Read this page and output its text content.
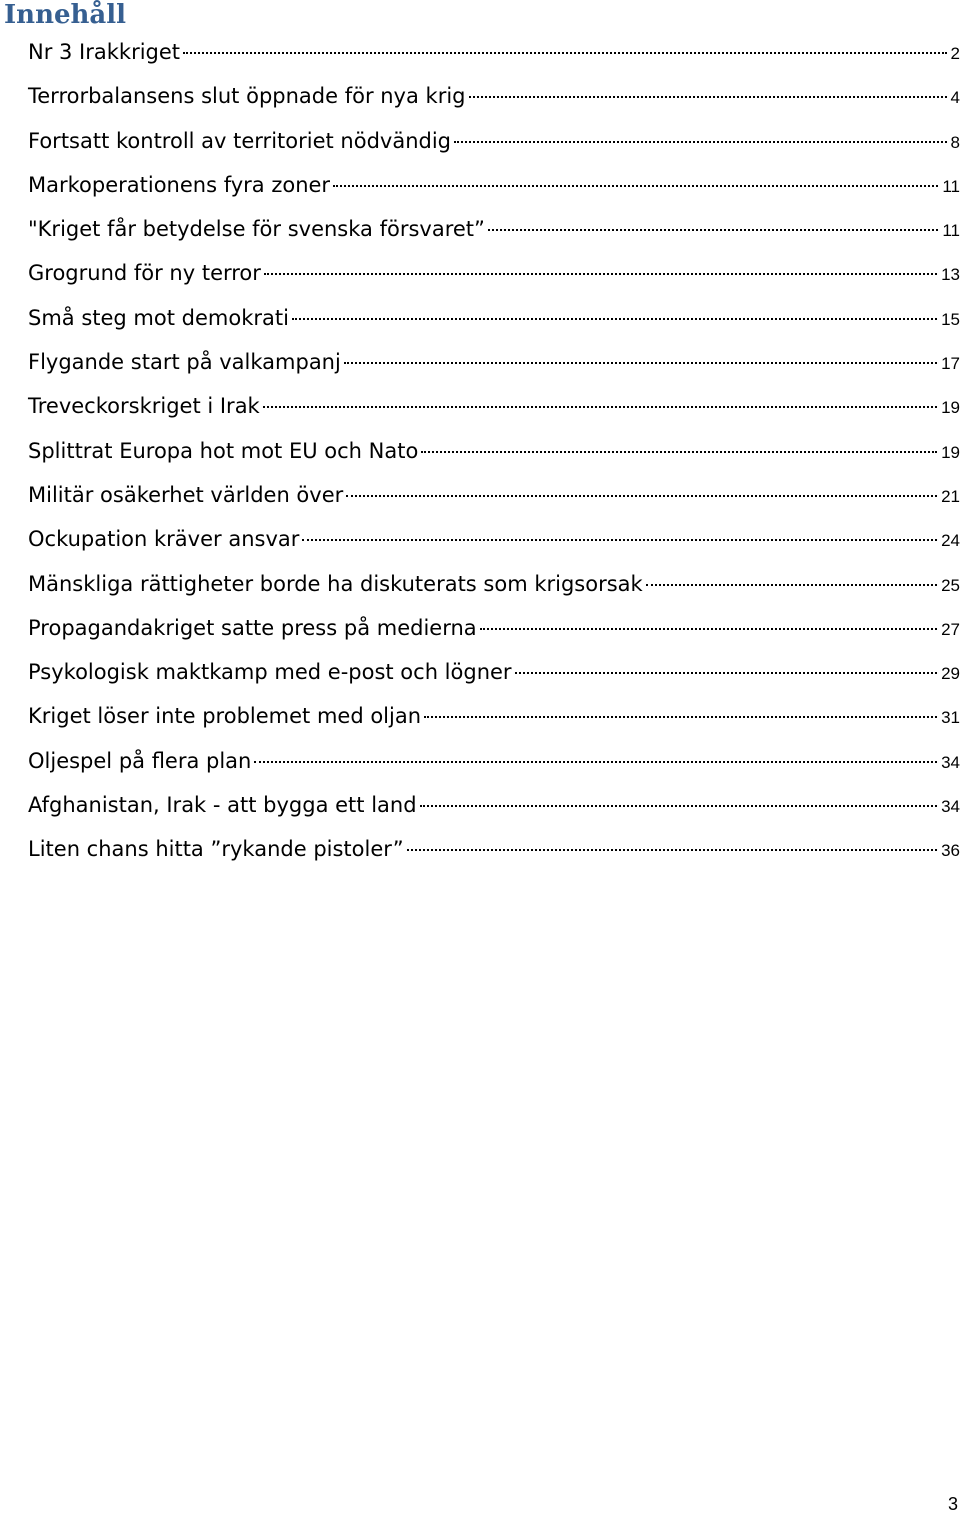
Innehåll
Nr 3 Irakkriget	2
Terrorbalansens slut öppnade för nya krig	4
Fortsatt kontroll av territoriet nödvändig	8
Markoperationens fyra zoner	11
"Kriget får betydelse för svenska försvaret”	11
Grogrund för ny terror	13
Små steg mot demokrati	15
Flygande start på valkampanj	17
Treveckorskriget i Irak	19
Splittrat Europa hot mot EU och Nato	19
Militär osäkerhet världen över	21
Ockupation kräver ansvar	24
Mänskliga rättigheter borde ha diskuterats som krigsorsak	25
Propagandakriget satte press på medierna	27
Psykologisk maktkamp med e-post och lögner	29
Kriget löser inte problemet med oljan	31
Oljespel på flera plan	34
Afghanistan, Irak - att bygga ett land	34
Liten chans hitta ”rykande pistoler”	36
3
